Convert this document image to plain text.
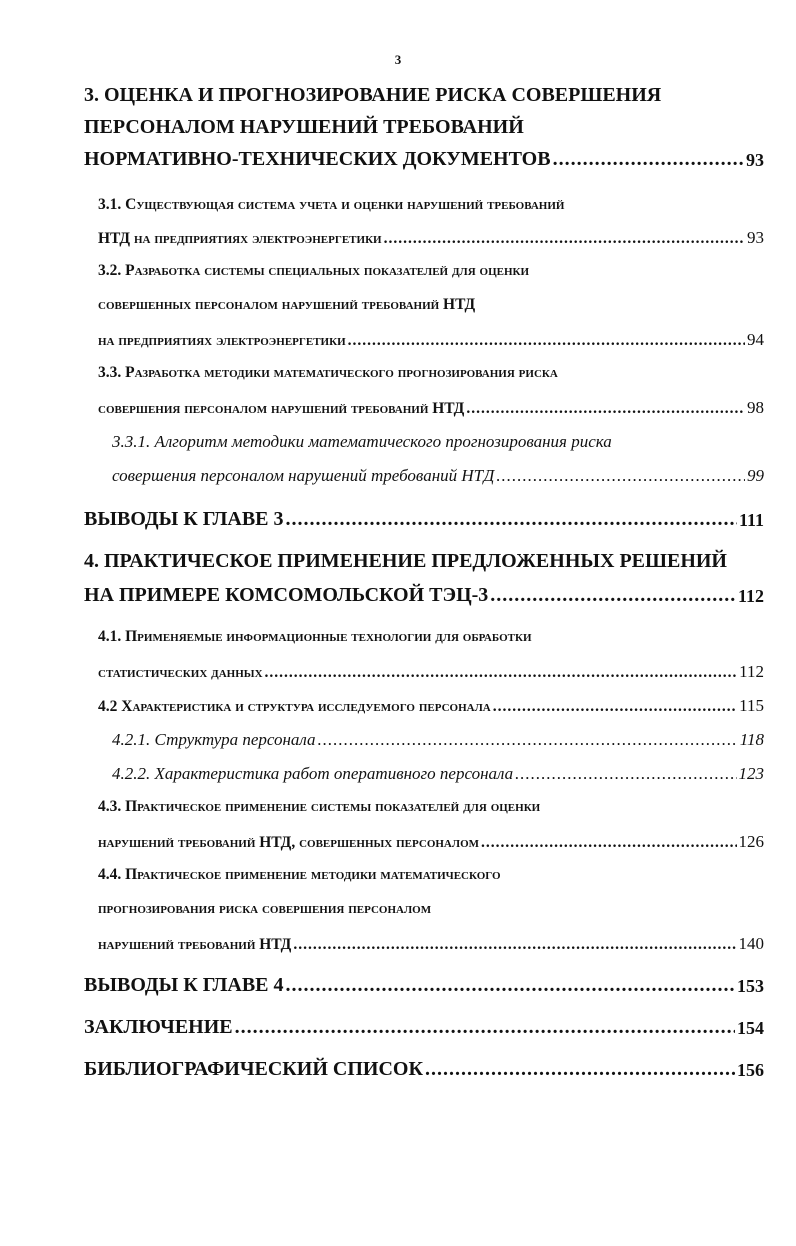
3
3. ОЦЕНКА И ПРОГНОЗИРОВАНИЕ РИСКА СОВЕРШЕНИЯ
ПЕРСОНАЛОМ НАРУШЕНИЙ ТРЕБОВАНИЙ
НОРМАТИВНО-ТЕХНИЧЕСКИХ ДОКУМЕНТОВ .....	93
3.1. Существующая система учета и оценки нарушений требований
НТД на предприятиях электроэнергетики .....	93
3.2. Разработка системы специальных показателей для оценки
совершенных персоналом нарушений требований НТД
на предприятиях электроэнергетики .....	94
3.3. Разработка методики математического прогнозирования риска
совершения персоналом нарушений требований НТД .....	98
3.3.1. Алгоритм методики математического прогнозирования риска
совершения персоналом нарушений требований НТД .....	99
ВЫВОДЫ К ГЛАВЕ 3 .....	111
4. ПРАКТИЧЕСКОЕ ПРИМЕНЕНИЕ ПРЕДЛОЖЕННЫХ РЕШЕНИЙ
НА ПРИМЕРЕ КОМСОМОЛЬСКОЙ ТЭЦ-3 .....	112
4.1. Применяемые информационные технологии для обработки
статистических данных .....	112
4.2 Характеристика и структура исследуемого персонала .....	115
4.2.1. Структура персонала .....	118
4.2.2. Характеристика работ оперативного персонала .....	123
4.3. Практическое применение системы показателей для оценки
нарушений требований НТД, совершенных персоналом .....	126
4.4. Практическое применение методики математического
прогнозирования риска совершения персоналом
нарушений требований НТД .....	140
ВЫВОДЫ К ГЛАВЕ 4 .....	153
ЗАКЛЮЧЕНИЕ .....	154
БИБЛИОГРАФИЧЕСКИЙ СПИСОК .....	156
